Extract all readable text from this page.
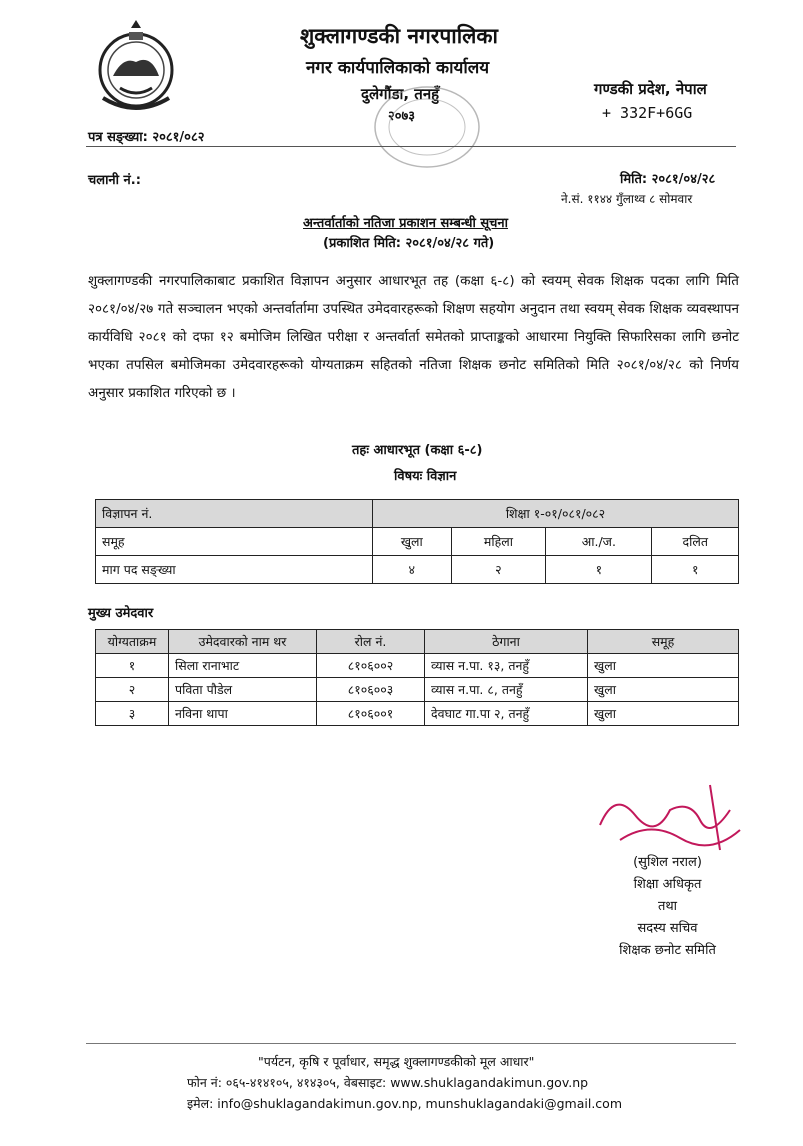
शुक्लागण्डकी नगरपालिका
नगर कार्यपालिकाको कार्यालय
दुलेगौंडा, तनहुँ
२०७३
गण्डकी प्रदेश, नेपाल
+ 332F+6GG
पत्र सङ्ख्या: २०८१/०८२
चलानी नं.:	मिति: २०८१/०४/२८
ने.सं. ११४४ गुँलाथ्व ८ सोमवार
अन्तर्वार्ताको नतिजा प्रकाशन सम्बन्धी सूचना
(प्रकाशित मिति: २०८१/०४/२८ गते)
शुक्लागण्डकी नगरपालिकाबाट प्रकाशित विज्ञापन अनुसार आधारभूत तह (कक्षा ६-८) को स्वयम् सेवक शिक्षक पदका लागि मिति २०८१/०४/२७ गते सञ्चालन भएको अन्तर्वार्तामा उपस्थित उमेदवारहरूको शिक्षण सहयोग अनुदान तथा स्वयम् सेवक शिक्षक व्यवस्थापन कार्यविधि २०८१ को दफा १२ बमोजिम लिखित परीक्षा र अन्तर्वार्ता समेतको प्राप्ताङ्कको आधारमा नियुक्ति सिफारिसका लागि छनोट भएका तपसिल बमोजिमका उमेदवारहरूको योग्यताक्रम सहितको नतिजा शिक्षक छनोट समितिको मिति २०८१/०४/२८ को निर्णय अनुसार प्रकाशित गरिएको छ ।
तहः आधारभूत (कक्षा ६-८)
विषयः विज्ञान
विज्ञापन नं.	शिक्षा १-०१/०८१/०८२			
समूह	खुला	महिला	आ./ज.	दलित
माग पद सङ्ख्या	४	२	१	१
मुख्य उमेदवार
योग्यताक्रम	उमेदवारको नाम थर	रोल नं.	ठेगाना	समूह
१	सिला रानाभाट	८१०६००२	व्यास न.पा. १३, तनहुँ	खुला
२	पविता पौडेल	८१०६००३	व्यास न.पा. ८, तनहुँ	खुला
३	नविना थापा	८१०६००१	देवघाट गा.पा २, तनहुँ	खुला
(सुशिल नराल)
शिक्षा अधिकृत
तथा
सदस्य सचिव
शिक्षक छनोट समिति
"पर्यटन, कृषि र पूर्वाधार, समृद्ध शुक्लागण्डकीको मूल आधार"
फोन नं: ०६५-४१४१०५, ४१४३०५, वेबसाइट: www.shuklagandakimun.gov.np
इमेल: info@shuklagandakimun.gov.np, munshuklagandaki@gmail.com
